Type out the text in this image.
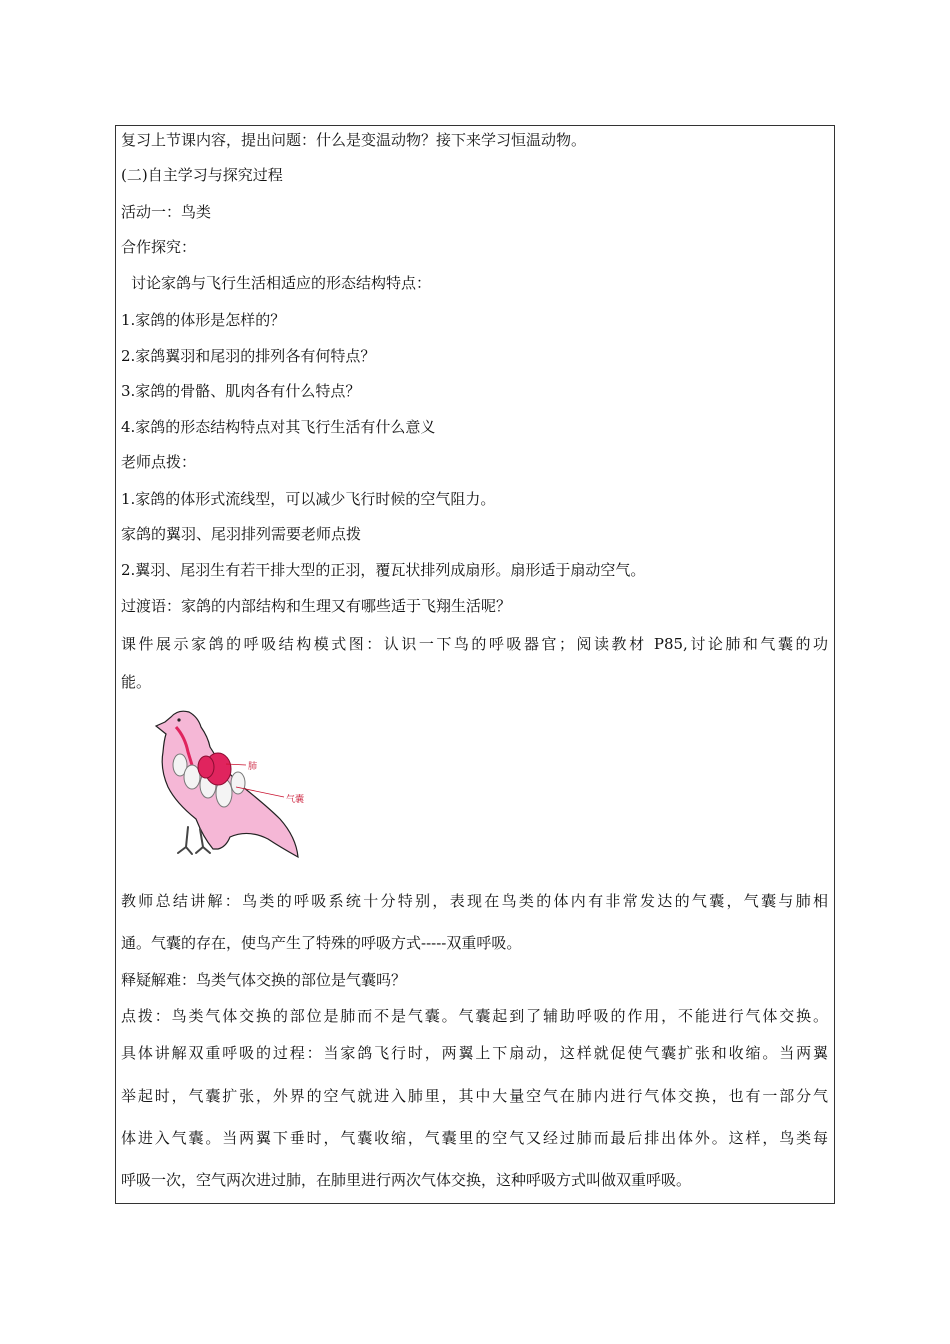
复习上节课内容，提出问题：什么是变温动物？接下来学习恒温动物。
(二)自主学习与探究过程
活动一：鸟类
合作探究：
讨论家鸽与飞行生活相适应的形态结构特点：
1.家鸽的体形是怎样的？
2.家鸽翼羽和尾羽的排列各有何特点？
3.家鸽的骨骼、肌肉各有什么特点？
4.家鸽的形态结构特点对其飞行生活有什么意义
老师点拨：
1.家鸽的体形式流线型，可以减少飞行时候的空气阻力。
家鸽的翼羽、尾羽排列需要老师点拨
2.翼羽、尾羽生有若干排大型的正羽，覆瓦状排列成扇形。扇形适于扇动空气。
过渡语：家鸽的内部结构和生理又有哪些适于飞翔生活呢？
课件展示家鸽的呼吸结构模式图：认识一下鸟的呼吸器官；阅读教材 P85,讨论肺和气囊的功
能。
肺
气囊
教师总结讲解：鸟类的呼吸系统十分特别，表现在鸟类的体内有非常发达的气囊，气囊与肺相
通。气囊的存在，使鸟产生了特殊的呼吸方式-----双重呼吸。
释疑解难：鸟类气体交换的部位是气囊吗？
点拨：鸟类气体交换的部位是肺而不是气囊。气囊起到了辅助呼吸的作用，不能进行气体交换。
具体讲解双重呼吸的过程：当家鸽飞行时，两翼上下扇动，这样就促使气囊扩张和收缩。当两翼
举起时，气囊扩张，外界的空气就进入肺里，其中大量空气在肺内进行气体交换，也有一部分气
体进入气囊。当两翼下垂时，气囊收缩，气囊里的空气又经过肺而最后排出体外。这样，鸟类每
呼吸一次，空气两次进过肺，在肺里进行两次气体交换，这种呼吸方式叫做双重呼吸。
